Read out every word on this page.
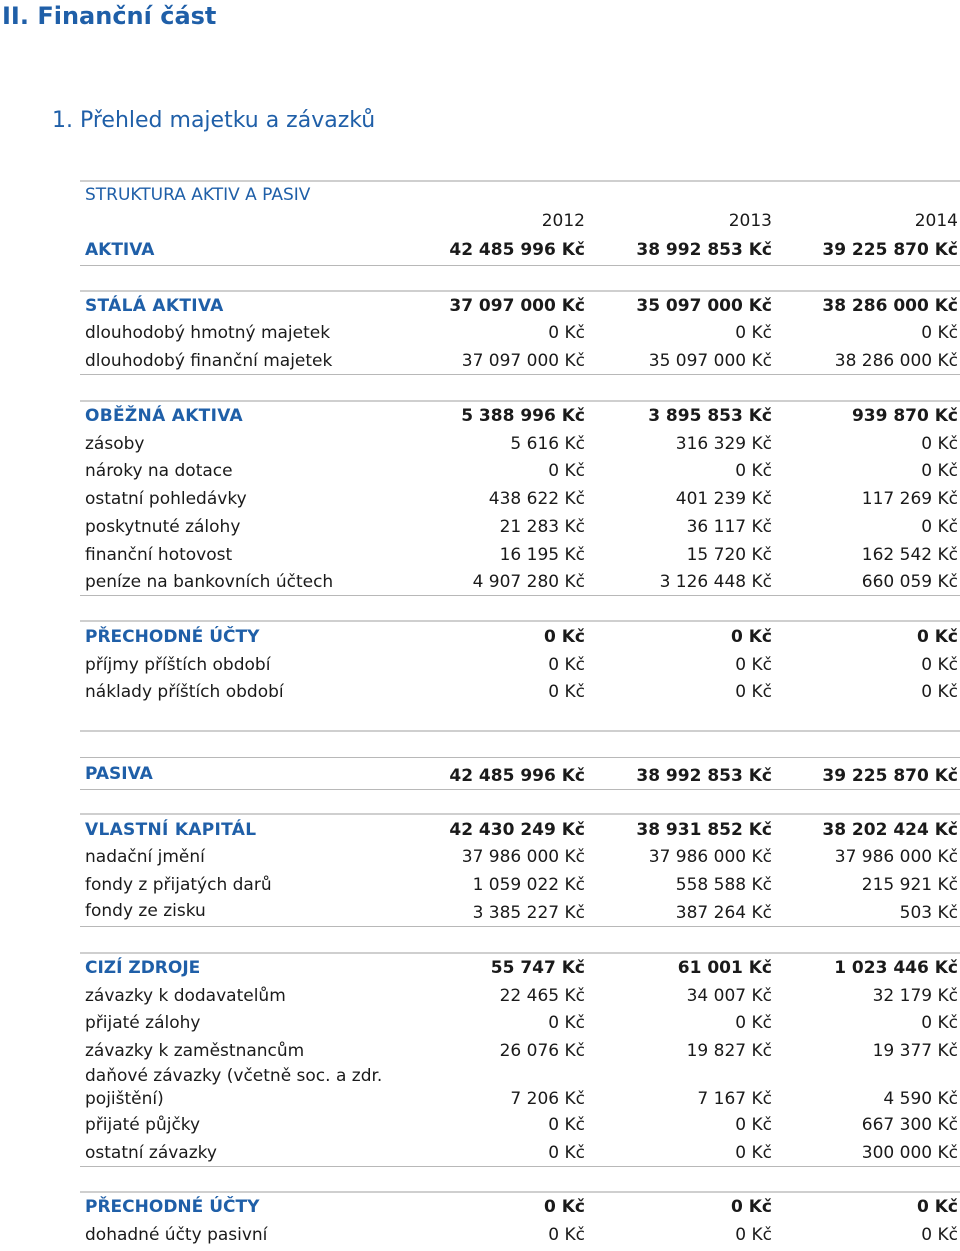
II. Finanční část
1. Přehled majetku a závazků
STRUKTURA AKTIV A PASIV
2012	2013	2014
AKTIVA	42 485 996 Kč	38 992 853 Kč	39 225 870 Kč
STÁLÁ AKTIVA	37 097 000 Kč	35 097 000 Kč	38 286 000 Kč
dlouhodobý hmotný majetek	0 Kč	0 Kč	0 Kč
dlouhodobý finanční majetek	37 097 000 Kč	35 097 000 Kč	38 286 000 Kč
OBĚŽNÁ AKTIVA	5 388 996 Kč	3 895 853 Kč	939 870 Kč
zásoby	5 616 Kč	316 329 Kč	0 Kč
nároky na dotace	0 Kč	0 Kč	0 Kč
ostatní pohledávky	438 622 Kč	401 239 Kč	117 269 Kč
poskytnuté zálohy	21 283 Kč	36 117 Kč	0 Kč
finanční hotovost	16 195 Kč	15 720 Kč	162 542 Kč
peníze na bankovních účtech	4 907 280 Kč	3 126 448 Kč	660 059 Kč
PŘECHODNÉ ÚČTY	0 Kč	0 Kč	0 Kč
příjmy příštích období	0 Kč	0 Kč	0 Kč
náklady příštích období	0 Kč	0 Kč	0 Kč
PASIVA	42 485 996 Kč	38 992 853 Kč	39 225 870 Kč
VLASTNÍ KAPITÁL	42 430 249 Kč	38 931 852 Kč	38 202 424 Kč
nadační jmění	37 986 000 Kč	37 986 000 Kč	37 986 000 Kč
fondy z přijatých darů	1 059 022 Kč	558 588 Kč	215 921 Kč
fondy ze zisku	3 385 227 Kč	387 264 Kč	503 Kč
CIZÍ ZDROJE	55 747 Kč	61 001 Kč	1 023 446 Kč
závazky k dodavatelům	22 465 Kč	34 007 Kč	32 179 Kč
přijaté zálohy	0 Kč	0 Kč	0 Kč
závazky k zaměstnancům	26 076 Kč	19 827 Kč	19 377 Kč
daňové závazky (včetně soc. a zdr. pojištění)	7 206 Kč	7 167 Kč	4 590 Kč
přijaté půjčky	0 Kč	0 Kč	667 300 Kč
ostatní závazky	0 Kč	0 Kč	300 000 Kč
PŘECHODNÉ ÚČTY	0 Kč	0 Kč	0 Kč
dohadné účty pasivní	0 Kč	0 Kč	0 Kč
